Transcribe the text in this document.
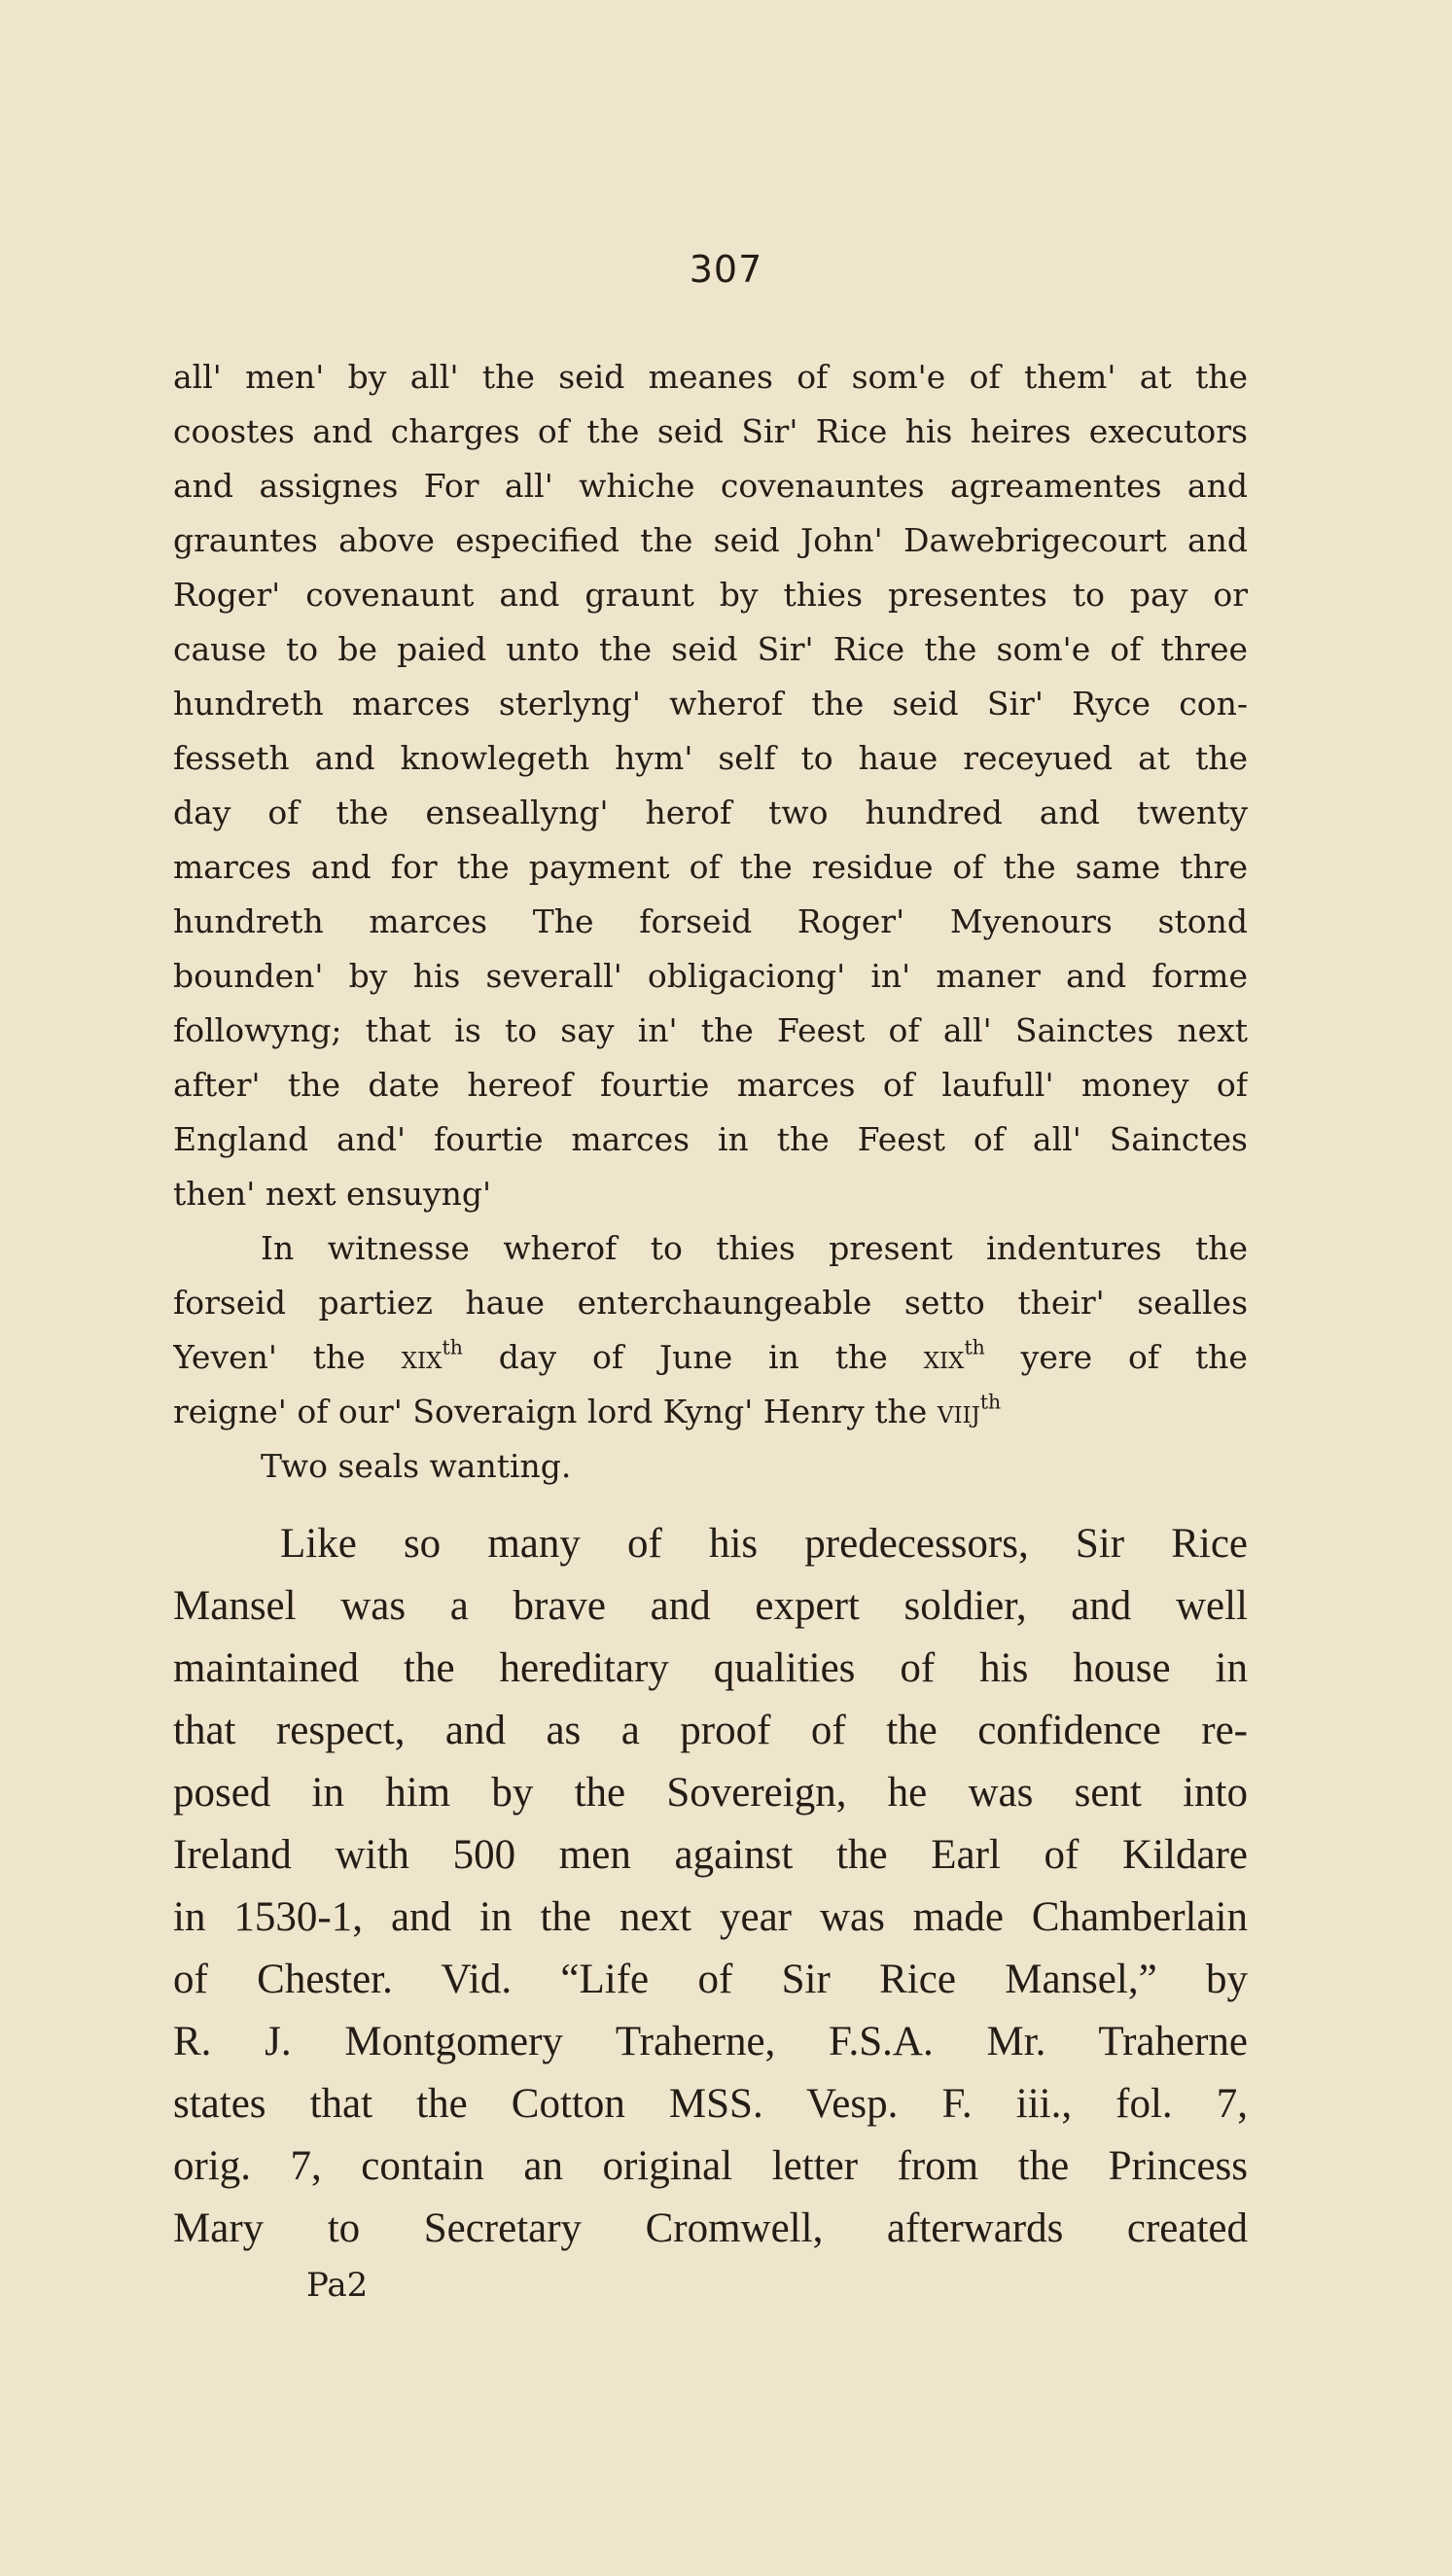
307
all' men' by all' the seid meanes of som'e of them' at the
coostes and charges of the seid Sir' Rice his heires executors
and assignes For all' whiche covenauntes agreamentes and
grauntes above especified the seid John' Dawebrigecourt and
Roger' covenaunt and graunt by thies presentes to pay or
cause to be paied unto the seid Sir' Rice the som'e of three
hundreth marces sterlyng' wherof the seid Sir' Ryce con-
fesseth and knowlegeth hym' self to haue receyued at the
day of the enseallyng' herof two hundred and twenty
marces and for the payment of the residue of the same thre
hundreth marces The forseid Roger' Myenours stond
bounden' by his severall' obligaciong' in' maner and forme
followyng; that is to say in' the Feest of all' Sainctes next
after' the date hereof fourtie marces of laufull' money of
England and' fourtie marces in the Feest of all' Sainctes
then' next ensuyng'
In witnesse wherof to thies present indentures the
forseid partiez haue enterchaungeable setto their' sealles
Yeven' the xix$^{th}$ day of June in the xix$^{th}$ yere of the
reigne' of our' Soveraign lord Kyng' Henry the viij$^{th}$
Two seals wanting.
Like so many of his predecessors, Sir Rice
Mansel was a brave and expert soldier, and well
maintained the hereditary qualities of his house in
that respect, and as a proof of the confidence re-
posed in him by the Sovereign, he was sent into
Ireland with 500 men against the Earl of Kildare
in 1530-1, and in the next year was made Chamberlain
of Chester. Vid. “Life of Sir Rice Mansel,” by
R. J. Montgomery Traherne, F.S.A. Mr. Traherne
states that the Cotton MSS. Vesp. F. iii., fol. 7,
orig. 7, contain an original letter from the Princess
Mary to Secretary Cromwell, afterwards created
Pa2
